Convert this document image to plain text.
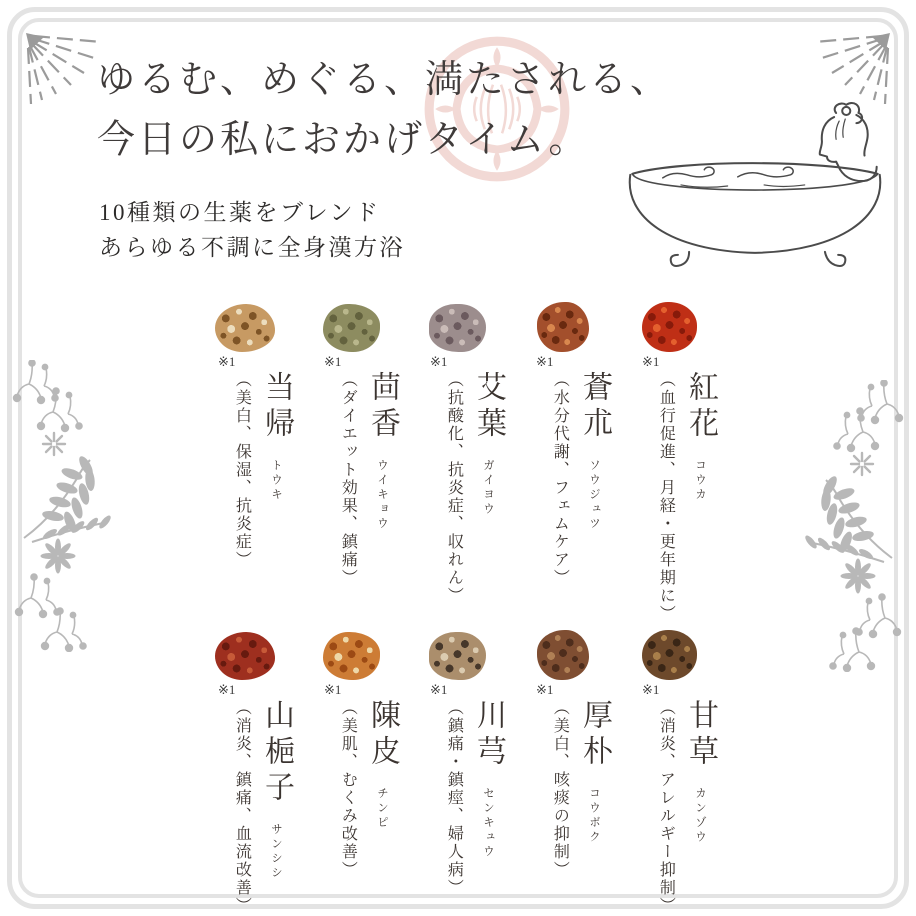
ゆるむ、めぐる、満たされる、
今日の私におかげタイム。
10種類の生薬をブレンド
あらゆる不調に全身漢方浴
※1
当帰トウキ
（美白、保湿、抗炎症）
※1
茴香ウイキョウ
（ダイエット効果、鎮痛）
※1
艾葉ガイヨウ
（抗酸化、抗炎症、収れん）
※1
蒼朮ソウジュツ
（水分代謝、フェムケア）
※1
紅花コウカ
（血行促進、月経・更年期に）
※1
山梔子サンシシ
（消炎、鎮痛、血流改善）
※1
陳皮チンピ
（美肌、むくみ改善）
※1
川芎センキュウ
（鎮痛・鎮痙、婦人病）
※1
厚朴コウボク
（美白、咳痰の抑制）
※1
甘草カンゾウ
（消炎、アレルギー抑制）
